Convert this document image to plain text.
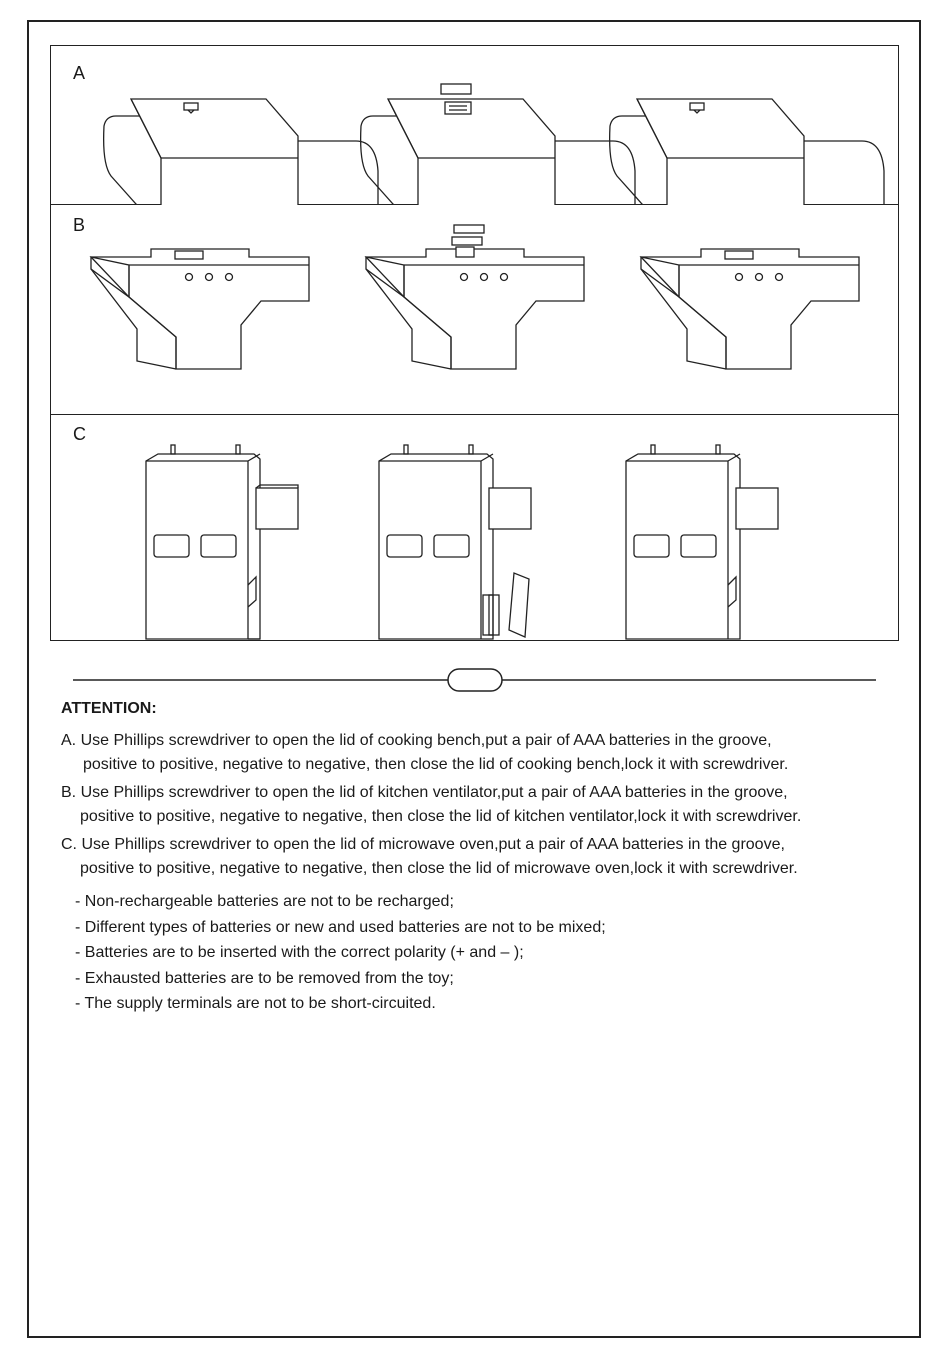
A
B
C
ATTENTION:
A. Use Phillips screwdriver to open the lid of cooking bench,put a pair of AAA batteries in the groove,
positive to positive, negative to negative, then close the lid of cooking bench,lock it with screwdriver.
B. Use Phillips screwdriver to open the lid of kitchen ventilator,put a pair of AAA batteries in the groove,
positive to positive, negative to negative, then close the lid of kitchen ventilator,lock it with screwdriver.
C. Use Phillips screwdriver to open the lid of microwave oven,put a pair of AAA batteries in the groove,
positive to positive, negative to negative, then close the lid of microwave oven,lock it with screwdriver.
- Non-rechargeable batteries are not to be recharged;
- Different types of batteries or new and used batteries are not to be mixed;
- Batteries are to be inserted with the correct polarity (+ and – );
- Exhausted batteries are to be removed from the toy;
- The supply terminals are not to be short-circuited.
